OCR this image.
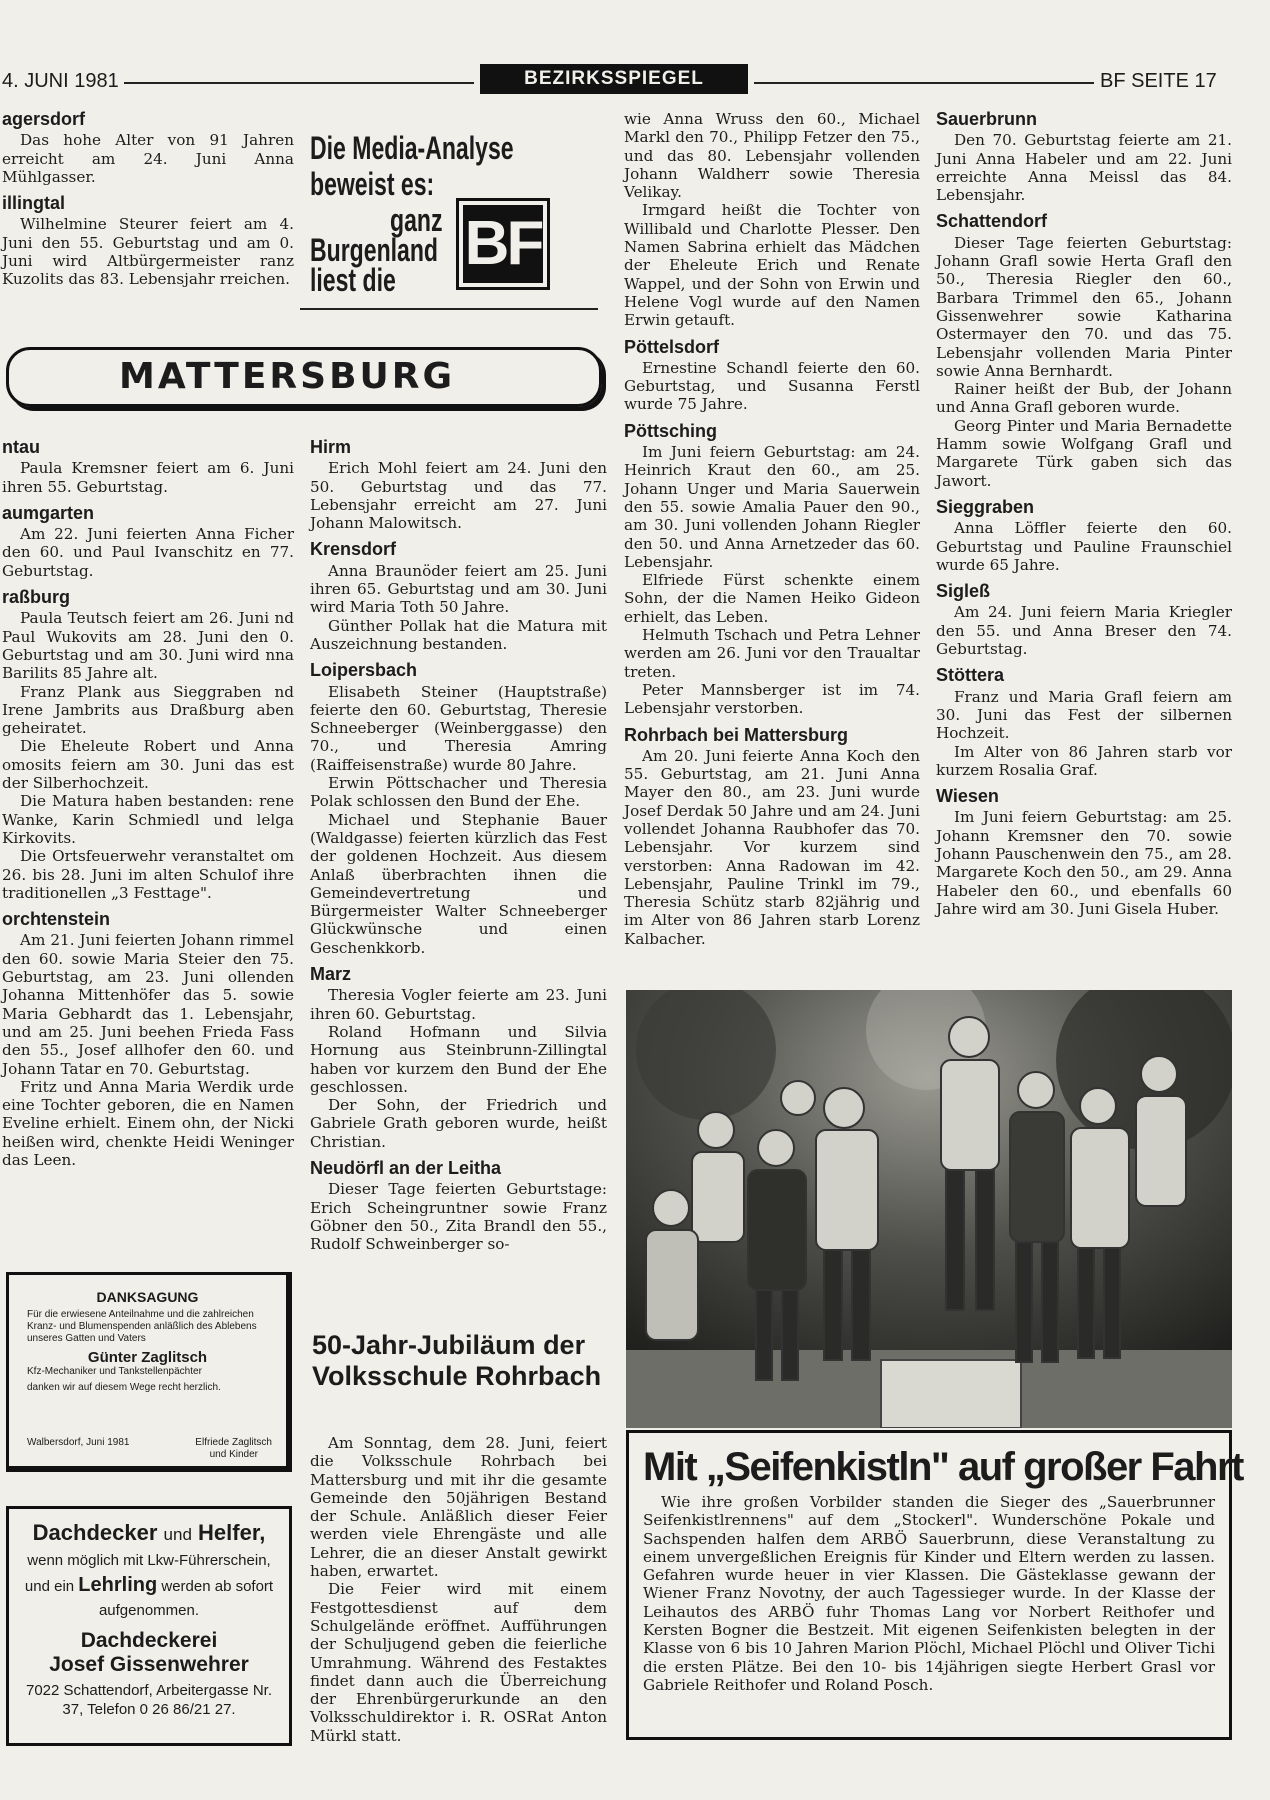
4. JUNI 1981	BEZIRKSSPIEGEL	BF SEITE 17
agersdorf

Das hohe Alter von 91 Jahren erreicht am 24. Juni Anna Mühlgasser.

illingtal

Wilhelmine Steurer feiert am 4. Juni den 55. Geburtstag und am 0. Juni wird Altbürgermeister ranz Kuzolits das 83. Lebensjahr rreichen.

Die Media-Analyse
beweist es:
ganz
Burgenland
liest die
BF
MATTERSBURG
ntau

Paula Kremsner feiert am 6. Juni ihren 55. Geburtstag.

aumgarten

Am 22. Juni feierten Anna Ficher den 60. und Paul Ivanschitz en 77. Geburtstag.

raßburg

Paula Teutsch feiert am 26. Juni nd Paul Wukovits am 28. Juni den 0. Geburtstag und am 30. Juni wird nna Barilits 85 Jahre alt.

Franz Plank aus Sieggraben nd Irene Jambrits aus Draßburg aben geheiratet.

Die Eheleute Robert und Anna omosits feiern am 30. Juni das est der Silberhochzeit.

Die Matura haben bestanden: rene Wanke, Karin Schmiedl und lelga Kirkovits.

Die Ortsfeuerwehr veranstaltet om 26. bis 28. Juni im alten Schulof ihre traditionellen „3 Festtage".

orchtenstein

Am 21. Juni feierten Johann rimmel den 60. sowie Maria Steier den 75. Geburtstag, am 23. Juni ollenden Johanna Mittenhöfer das 5. sowie Maria Gebhardt das 1. Lebensjahr, und am 25. Juni beehen Frieda Fass den 55., Josef allhofer den 60. und Johann Tatar en 70. Geburtstag.

Fritz und Anna Maria Werdik urde eine Tochter geboren, die en Namen Eveline erhielt. Einem ohn, der Nicki heißen wird, chenkte Heidi Weninger das Leen.

Hirm

Erich Mohl feiert am 24. Juni den 50. Geburtstag und das 77. Lebensjahr erreicht am 27. Juni Johann Malowitsch.

Krensdorf

Anna Braunöder feiert am 25. Juni ihren 65. Geburtstag und am 30. Juni wird Maria Toth 50 Jahre.

Günther Pollak hat die Matura mit Auszeichnung bestanden.

Loipersbach

Elisabeth Steiner (Hauptstraße) feierte den 60. Geburtstag, Theresie Schneeberger (Weinberggasse) den 70., und Theresia Amring (Raiffeisenstraße) wurde 80 Jahre.

Erwin Pöttschacher und Theresia Polak schlossen den Bund der Ehe.

Michael und Stephanie Bauer (Waldgasse) feierten kürzlich das Fest der goldenen Hochzeit. Aus diesem Anlaß überbrachten ihnen die Gemeindevertretung und Bürgermeister Walter Schneeberger Glückwünsche und einen Geschenkkorb.

Marz

Theresia Vogler feierte am 23. Juni ihren 60. Geburtstag.

Roland Hofmann und Silvia Hornung aus Steinbrunn-Zillingtal haben vor kurzem den Bund der Ehe geschlossen.

Der Sohn, der Friedrich und Gabriele Grath geboren wurde, heißt Christian.

Neudörfl an der Leitha

Dieser Tage feierten Geburtstage: Erich Scheingruntner sowie Franz Göbner den 50., Zita Brandl den 55., Rudolf Schweinberger so-

wie Anna Wruss den 60., Michael Markl den 70., Philipp Fetzer den 75., und das 80. Lebensjahr vollenden Johann Waldherr sowie Theresia Velikay.

Irmgard heißt die Tochter von Willibald und Charlotte Plesser. Den Namen Sabrina erhielt das Mädchen der Eheleute Erich und Renate Wappel, und der Sohn von Erwin und Helene Vogl wurde auf den Namen Erwin getauft.

Pöttelsdorf

Ernestine Schandl feierte den 60. Geburtstag, und Susanna Ferstl wurde 75 Jahre.

Pöttsching

Im Juni feiern Geburtstag: am 24. Heinrich Kraut den 60., am 25. Johann Unger und Maria Sauerwein den 55. sowie Amalia Pauer den 90., am 30. Juni vollenden Johann Riegler den 50. und Anna Arnetzeder das 60. Lebensjahr.

Elfriede Fürst schenkte einem Sohn, der die Namen Heiko Gideon erhielt, das Leben.

Helmuth Tschach und Petra Lehner werden am 26. Juni vor den Traualtar treten.

Peter Mannsberger ist im 74. Lebensjahr verstorben.

Rohrbach bei Mattersburg

Am 20. Juni feierte Anna Koch den 55. Geburtstag, am 21. Juni Anna Mayer den 80., am 23. Juni wurde Josef Derdak 50 Jahre und am 24. Juni vollendet Johanna Raubhofer das 70. Lebensjahr. Vor kurzem sind verstorben: Anna Radowan im 42. Lebensjahr, Pauline Trinkl im 79., Theresia Schütz starb 82jährig und im Alter von 86 Jahren starb Lorenz Kalbacher.

Sauerbrunn

Den 70. Geburtstag feierte am 21. Juni Anna Habeler und am 22. Juni erreichte Anna Meissl das 84. Lebensjahr.

Schattendorf

Dieser Tage feierten Geburtstag: Johann Grafl sowie Herta Grafl den 50., Theresia Riegler den 60., Barbara Trimmel den 65., Johann Gissenwehrer sowie Katharina Ostermayer den 70. und das 75. Lebensjahr vollenden Maria Pinter sowie Anna Bernhardt.

Rainer heißt der Bub, der Johann und Anna Grafl geboren wurde.

Georg Pinter und Maria Bernadette Hamm sowie Wolfgang Grafl und Margarete Türk gaben sich das Jawort.

Sieggraben

Anna Löffler feierte den 60. Geburtstag und Pauline Fraunschiel wurde 65 Jahre.

Sigleß

Am 24. Juni feiern Maria Kriegler den 55. und Anna Breser den 74. Geburtstag.

Stöttera

Franz und Maria Grafl feiern am 30. Juni das Fest der silbernen Hochzeit.

Im Alter von 86 Jahren starb vor kurzem Rosalia Graf.

Wiesen

Im Juni feiern Geburtstag: am 25. Johann Kremsner den 70. sowie Johann Pauschenwein den 75., am 28. Margarete Koch den 50., am 29. Anna Habeler den 60., und ebenfalls 60 Jahre wird am 30. Juni Gisela Huber.

Mit „Seifenkistln" auf großer Fahrt
Wie ihre großen Vorbilder standen die Sieger des „Sauerbrunner Seifenkistlrennens" auf dem „Stockerl". Wunderschöne Pokale und Sachspenden halfen dem ARBÖ Sauerbrunn, diese Veranstaltung zu einem unvergeßlichen Ereignis für Kinder und Eltern werden zu lassen. Gefahren wurde heuer in vier Klassen. Die Gästeklasse gewann der Wiener Franz Novotny, der auch Tagessieger wurde. In der Klasse der Leihautos des ARBÖ fuhr Thomas Lang vor Norbert Reithofer und Kersten Bogner die Bestzeit. Mit eigenen Seifenkisten belegten in der Klasse von 6 bis 10 Jahren Marion Plöchl, Michael Plöchl und Oliver Tichi die ersten Plätze. Bei den 10- bis 14jährigen siegte Herbert Grasl vor Gabriele Reithofer und Roland Posch.
50-Jahr-Jubiläum der Volksschule Rohrbach

Am Sonntag, dem 28. Juni, feiert die Volksschule Rohrbach bei Mattersburg und mit ihr die gesamte Gemeinde den 50jährigen Bestand der Schule. Anläßlich dieser Feier werden viele Ehrengäste und alle Lehrer, die an dieser Anstalt gewirkt haben, erwartet.

Die Feier wird mit einem Festgottesdienst auf dem Schulgelände eröffnet. Aufführungen der Schuljugend geben die feierliche Umrahmung. Während des Festaktes findet dann auch die Überreichung der Ehrenbürgerurkunde an den Volksschuldirektor i. R. OSRat Anton Mürkl statt.

DANKSAGUNG
Für die erwiesene Anteilnahme und die zahlreichen Kranz- und Blumenspenden anläßlich des Ablebens unseres Gatten und Vaters
Günter Zaglitsch
Kfz-Mechaniker und Tankstellenpächter
danken wir auf diesem Wege recht herzlich.
Walbersdorf, Juni 1981	Elfriede Zaglitsch
und Kinder
Dachdecker und Helfer,
wenn möglich mit Lkw-Führerschein, und ein Lehrling werden ab sofort aufgenommen.
Dachdeckerei
Josef Gissenwehrer
7022 Schattendorf, Arbeitergasse Nr. 37, Telefon 0 26 86/21 27.
